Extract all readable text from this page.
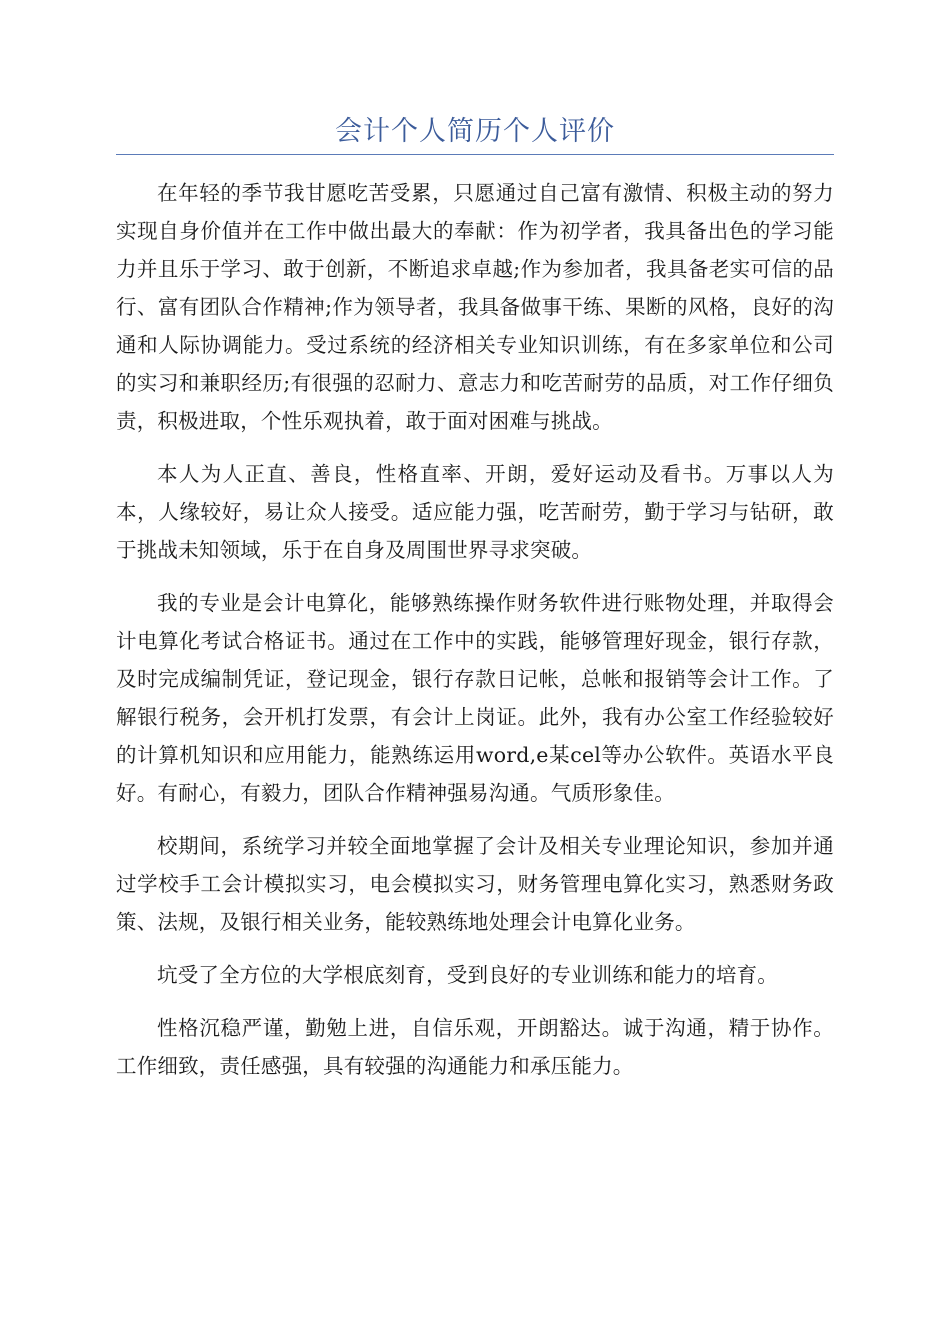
会计个人简历个人评价

在年轻的季节我甘愿吃苦受累，只愿通过自己富有激情、积极主动的努力实现自身价值并在工作中做出最大的奉献：作为初学者，我具备出色的学习能力并且乐于学习、敢于创新，不断追求卓越;作为参加者，我具备老实可信的品行、富有团队合作精神;作为领导者，我具备做事干练、果断的风格，良好的沟通和人际协调能力。受过系统的经济相关专业知识训练，有在多家单位和公司的实习和兼职经历;有很强的忍耐力、意志力和吃苦耐劳的品质，对工作仔细负责，积极进取，个性乐观执着，敢于面对困难与挑战。

本人为人正直、善良，性格直率、开朗，爱好运动及看书。万事以人为本，人缘较好，易让众人接受。适应能力强，吃苦耐劳，勤于学习与钻研，敢于挑战未知领域，乐于在自身及周围世界寻求突破。

我的专业是会计电算化，能够熟练操作财务软件进行账物处理，并取得会计电算化考试合格证书。通过在工作中的实践，能够管理好现金，银行存款，及时完成编制凭证，登记现金，银行存款日记帐，总帐和报销等会计工作。了解银行税务，会开机打发票，有会计上岗证。此外，我有办公室工作经验较好的计算机知识和应用能力，能熟练运用word,e某cel等办公软件。英语水平良好。有耐心，有毅力，团队合作精神强易沟通。气质形象佳。

校期间，系统学习并较全面地掌握了会计及相关专业理论知识，参加并通过学校手工会计模拟实习，电会模拟实习，财务管理电算化实习，熟悉财务政策、法规，及银行相关业务，能较熟练地处理会计电算化业务。

坑受了全方位的大学根底刻育，受到良好的专业训练和能力的培育。

性格沉稳严谨，勤勉上进，自信乐观，开朗豁达。诚于沟通，精于协作。工作细致，责任感强，具有较强的沟通能力和承压能力。
